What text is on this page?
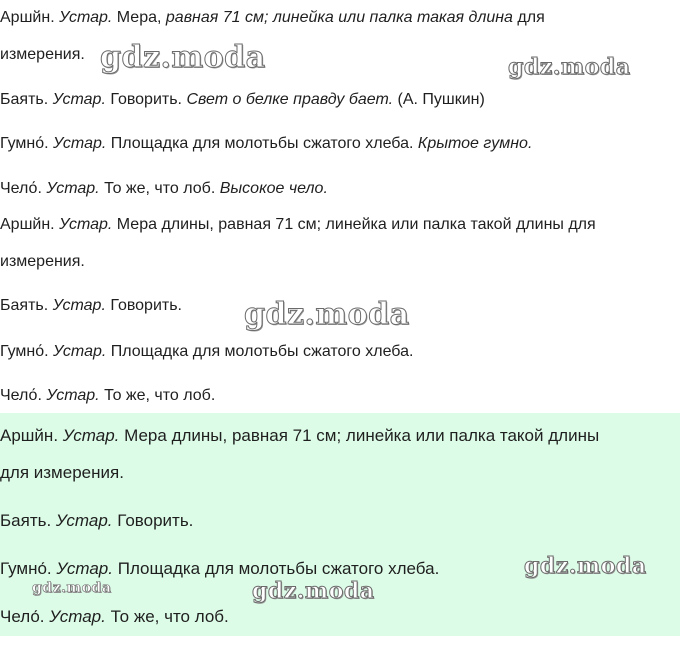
Аршйн. Устар. Мера, равная 71 см; линейка или палка такая длина для
измерения.
Баять. Устар. Говорить. Свет о белке правду бает. (А. Пушкин)
Гумно́. Устар. Площадка для молотьбы сжатого хлеба. Крытое гумно.
Чело́. Устар. То же, что лоб. Высокое чело.
Аршйн. Устар. Мера длины, равная 71 см; линейка или палка такой длины для
измерения.
Баять. Устар. Говорить.
Гумно́. Устар. Площадка для молотьбы сжатого хлеба.
Чело́. Устар. То же, что лоб.
Аршйн. Устар. Мера длины, равная 71 см; линейка или палка такой длины
для измерения.
Баять. Устар. Говорить.
Гумно́. Устар. Площадка для молотьбы сжатого хлеба.
Чело́. Устар. То же, что лоб.
gdz.moda	gdz.moda
gdz.moda
gdz.moda
gdz.moda	gdz.moda
